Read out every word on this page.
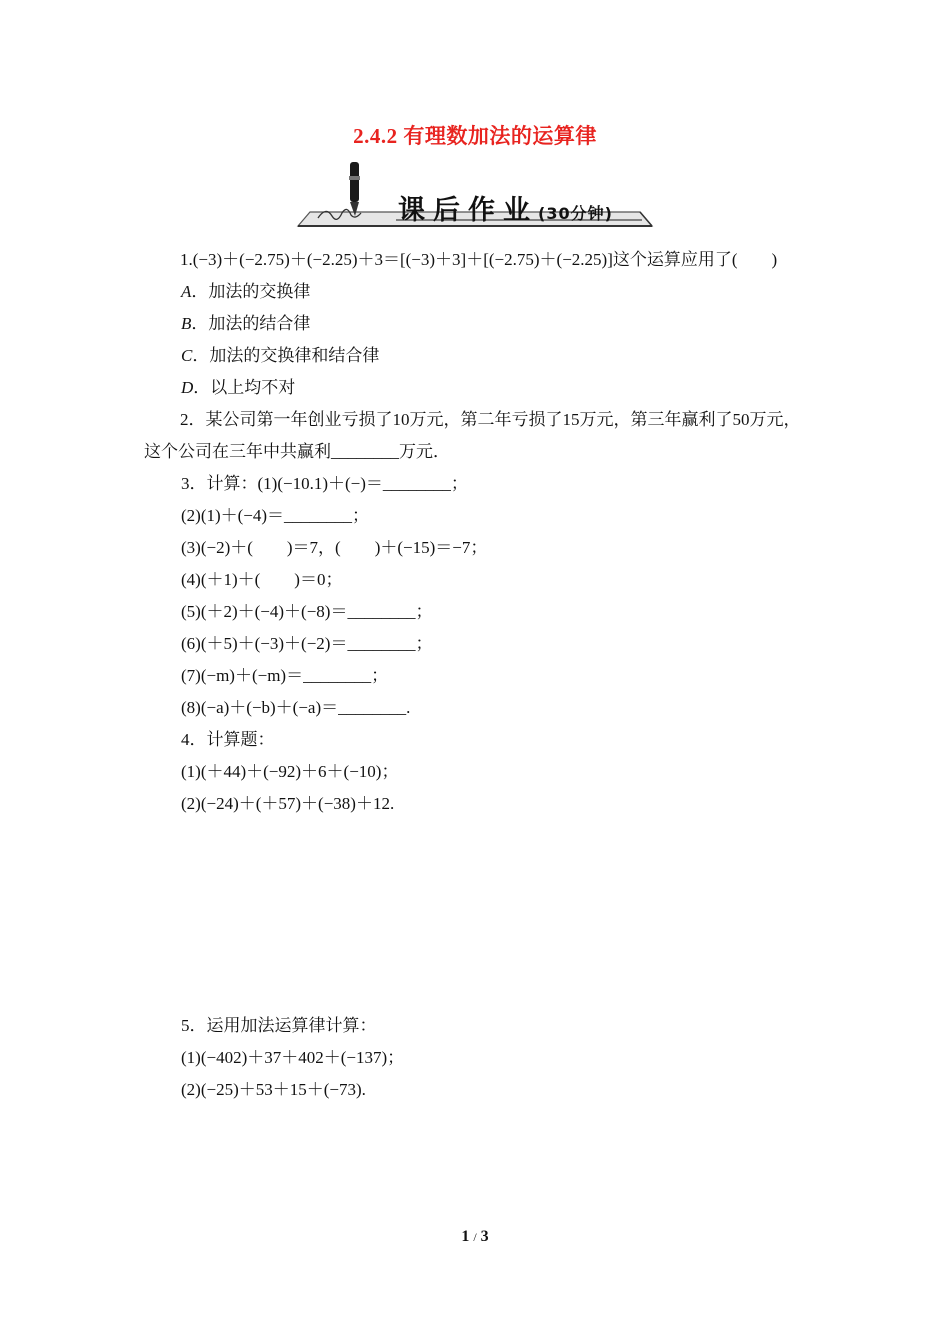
2.4.2 有理数加法的运算律
课后作业(30分钟)

1.(−3)＋(−2.75)＋(−2.25)＋3＝[(−3)＋3]＋[(−2.75)＋(−2.25)]这个运算应用了(　　)

A．加法的交换律

B．加法的结合律

C．加法的交换律和结合律

D．以上均不对

2．某公司第一年创业亏损了10万元，第二年亏损了15万元，第三年赢利了50万元，这个公司在三年中共赢利________万元．

3．计算：(1)(−10.1)＋(−)＝________；

(2)(1)＋(−4)＝________；

(3)(−2)＋(　　)＝7，(　　)＋(−15)＝−7；

(4)(＋1)＋(　　)＝0；

(5)(＋2)＋(−4)＋(−8)＝________；

(6)(＋5)＋(−3)＋(−2)＝________；

(7)(−m)＋(−m)＝________；

(8)(−a)＋(−b)＋(−a)＝________.

4．计算题：

(1)(＋44)＋(−92)＋6＋(−10)；

(2)(−24)＋(＋57)＋(−38)＋12.

5．运用加法运算律计算：

(1)(−402)＋37＋402＋(−137)；

(2)(−25)＋53＋15＋(−73).

1 / 3
